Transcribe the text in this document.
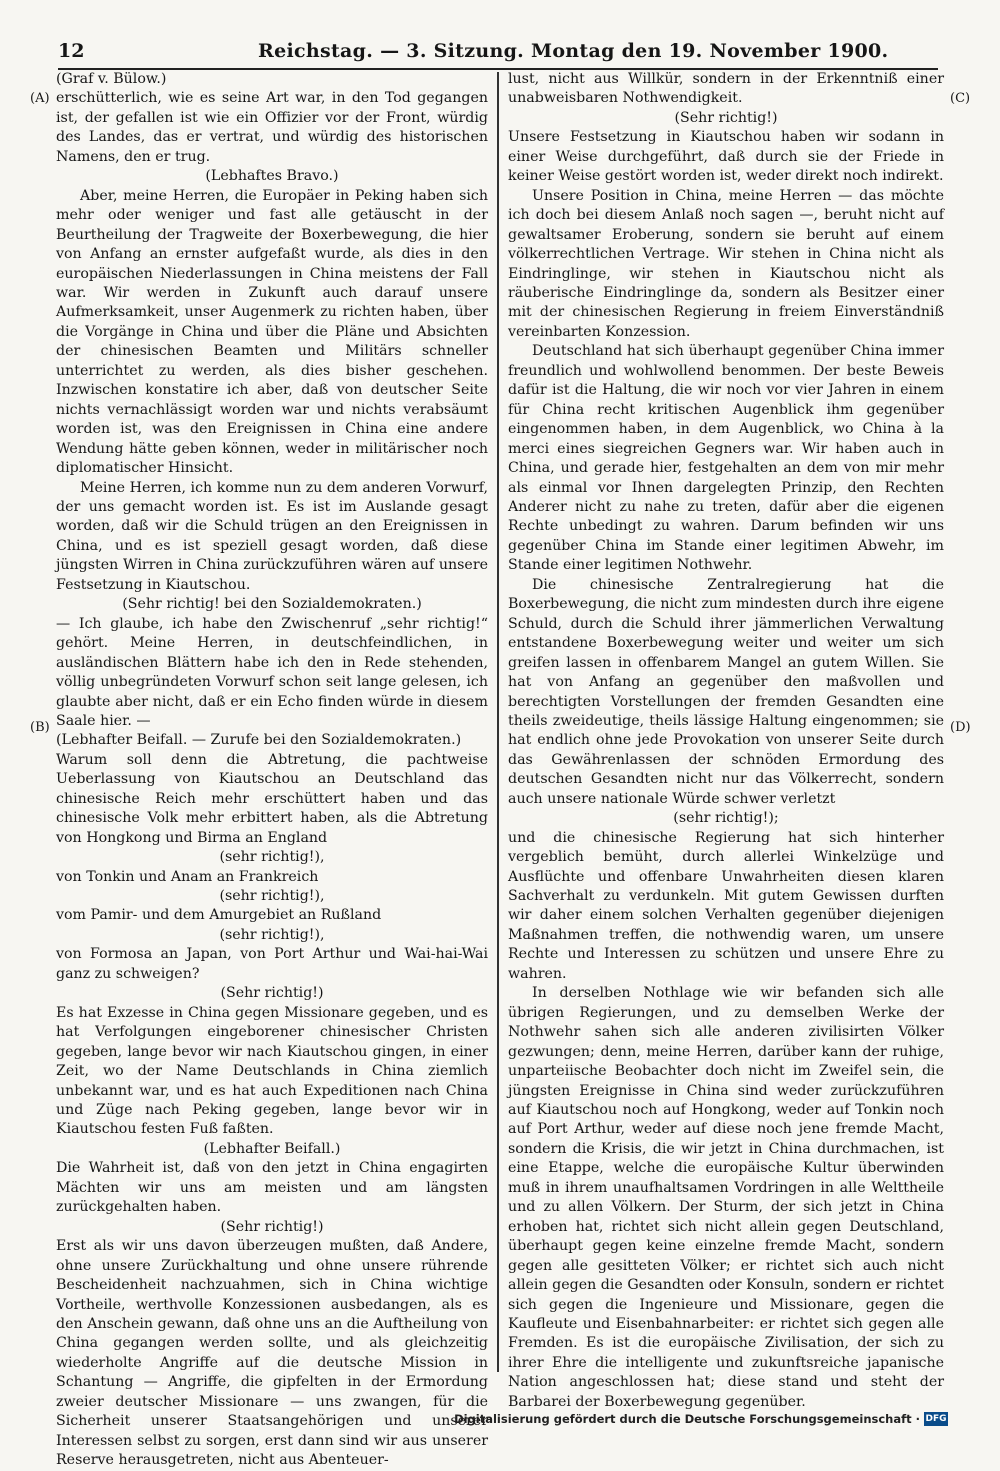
12	Reichstag. — 3. Sitzung. Montag den 19. November 1900.
(A)
(B)
(C)
(D)

(Graf v. Bülow.)

erschütterlich, wie es seine Art war, in den Tod gegangen ist, der gefallen ist wie ein Offizier vor der Front, würdig des Landes, das er vertrat, und würdig des historischen Namens, den er trug.

(Lebhaftes Bravo.)

Aber, meine Herren, die Europäer in Peking haben sich mehr oder weniger und fast alle getäuscht in der Beurtheilung der Tragweite der Boxerbewegung, die hier von Anfang an ernster aufgefaßt wurde, als dies in den europäischen Niederlassungen in China meistens der Fall war. Wir werden in Zukunft auch darauf unsere Aufmerksamkeit, unser Augenmerk zu richten haben, über die Vorgänge in China und über die Pläne und Absichten der chinesischen Beamten und Militärs schneller unterrichtet zu werden, als dies bisher geschehen. Inzwischen konstatire ich aber, daß von deutscher Seite nichts vernachlässigt worden war und nichts verabsäumt worden ist, was den Ereignissen in China eine andere Wendung hätte geben können, weder in militärischer noch diplomatischer Hinsicht.

Meine Herren, ich komme nun zu dem anderen Vorwurf, der uns gemacht worden ist. Es ist im Auslande gesagt worden, daß wir die Schuld trügen an den Ereignissen in China, und es ist speziell gesagt worden, daß diese jüngsten Wirren in China zurückzuführen wären auf unsere Festsetzung in Kiautschou.

(Sehr richtig! bei den Sozialdemokraten.)

— Ich glaube, ich habe den Zwischenruf „sehr richtig!“ gehört. Meine Herren, in deutschfeindlichen, in ausländischen Blättern habe ich den in Rede stehenden, völlig unbegründeten Vorwurf schon seit lange gelesen, ich glaubte aber nicht, daß er ein Echo finden würde in diesem Saale hier. —

(Lebhafter Beifall. — Zurufe bei den Sozialdemokraten.)

Warum soll denn die Abtretung, die pachtweise Ueberlassung von Kiautschou an Deutschland das chinesische Reich mehr erschüttert haben und das chinesische Volk mehr erbittert haben, als die Abtretung von Hongkong und Birma an England

(sehr richtig!),

von Tonkin und Anam an Frankreich

(sehr richtig!),

vom Pamir- und dem Amurgebiet an Rußland

(sehr richtig!),

von Formosa an Japan, von Port Arthur und Wai-hai-Wai ganz zu schweigen?

(Sehr richtig!)

Es hat Exzesse in China gegen Missionare gegeben, und es hat Verfolgungen eingeborener chinesischer Christen gegeben, lange bevor wir nach Kiautschou gingen, in einer Zeit, wo der Name Deutschlands in China ziemlich unbekannt war, und es hat auch Expeditionen nach China und Züge nach Peking gegeben, lange bevor wir in Kiautschou festen Fuß faßten.

(Lebhafter Beifall.)

Die Wahrheit ist, daß von den jetzt in China engagirten Mächten wir uns am meisten und am längsten zurückgehalten haben.

(Sehr richtig!)

Erst als wir uns davon überzeugen mußten, daß Andere, ohne unsere Zurückhaltung und ohne unsere rührende Bescheidenheit nachzuahmen, sich in China wichtige Vortheile, werthvolle Konzessionen ausbedangen, als es den Anschein gewann, daß ohne uns an die Auftheilung von China gegangen werden sollte, und als gleichzeitig wiederholte Angriffe auf die deutsche Mission in Schantung — Angriffe, die gipfelten in der Ermordung zweier deutscher Missionare — uns zwangen, für die Sicherheit unserer Staatsangehörigen und unserer Interessen selbst zu sorgen, erst dann sind wir aus unserer Reserve herausgetreten, nicht aus Abenteuer-

lust, nicht aus Willkür, sondern in der Erkenntniß einer unabweisbaren Nothwendigkeit.

(Sehr richtig!)

Unsere Festsetzung in Kiautschou haben wir sodann in einer Weise durchgeführt, daß durch sie der Friede in keiner Weise gestört worden ist, weder direkt noch indirekt.

Unsere Position in China, meine Herren — das möchte ich doch bei diesem Anlaß noch sagen —, beruht nicht auf gewaltsamer Eroberung, sondern sie beruht auf einem völkerrechtlichen Vertrage. Wir stehen in China nicht als Eindringlinge, wir stehen in Kiautschou nicht als räuberische Eindringlinge da, sondern als Besitzer einer mit der chinesischen Regierung in freiem Einverständniß vereinbarten Konzession.

Deutschland hat sich überhaupt gegenüber China immer freundlich und wohlwollend benommen. Der beste Beweis dafür ist die Haltung, die wir noch vor vier Jahren in einem für China recht kritischen Augenblick ihm gegenüber eingenommen haben, in dem Augenblick, wo China à la merci eines siegreichen Gegners war. Wir haben auch in China, und gerade hier, festgehalten an dem von mir mehr als einmal vor Ihnen dargelegten Prinzip, den Rechten Anderer nicht zu nahe zu treten, dafür aber die eigenen Rechte unbedingt zu wahren. Darum befinden wir uns gegenüber China im Stande einer legitimen Abwehr, im Stande einer legitimen Nothwehr.

Die chinesische Zentralregierung hat die Boxerbewegung, die nicht zum mindesten durch ihre eigene Schuld, durch die Schuld ihrer jämmerlichen Verwaltung entstandene Boxerbewegung weiter und weiter um sich greifen lassen in offenbarem Mangel an gutem Willen. Sie hat von Anfang an gegenüber den maßvollen und berechtigten Vorstellungen der fremden Gesandten eine theils zweideutige, theils lässige Haltung eingenommen; sie hat endlich ohne jede Provokation von unserer Seite durch das Gewährenlassen der schnöden Ermordung des deutschen Gesandten nicht nur das Völkerrecht, sondern auch unsere nationale Würde schwer verletzt

(sehr richtig!);

und die chinesische Regierung hat sich hinterher vergeblich bemüht, durch allerlei Winkelzüge und Ausflüchte und offenbare Unwahrheiten diesen klaren Sachverhalt zu verdunkeln. Mit gutem Gewissen durften wir daher einem solchen Verhalten gegenüber diejenigen Maßnahmen treffen, die nothwendig waren, um unsere Rechte und Interessen zu schützen und unsere Ehre zu wahren.

In derselben Nothlage wie wir befanden sich alle übrigen Regierungen, und zu demselben Werke der Nothwehr sahen sich alle anderen zivilisirten Völker gezwungen; denn, meine Herren, darüber kann der ruhige, unparteiische Beobachter doch nicht im Zweifel sein, die jüngsten Ereignisse in China sind weder zurückzuführen auf Kiautschou noch auf Hongkong, weder auf Tonkin noch auf Port Arthur, weder auf diese noch jene fremde Macht, sondern die Krisis, die wir jetzt in China durchmachen, ist eine Etappe, welche die europäische Kultur überwinden muß in ihrem unaufhaltsamen Vordringen in alle Welttheile und zu allen Völkern. Der Sturm, der sich jetzt in China erhoben hat, richtet sich nicht allein gegen Deutschland, überhaupt gegen keine einzelne fremde Macht, sondern gegen alle gesitteten Völker; er richtet sich auch nicht allein gegen die Gesandten oder Konsuln, sondern er richtet sich gegen die Ingenieure und Missionare, gegen die Kaufleute und Eisenbahnarbeiter: er richtet sich gegen alle Fremden. Es ist die europäische Zivilisation, der sich zu ihrer Ehre die intelligente und zukunftsreiche japanische Nation angeschlossen hat; diese stand und steht der Barbarei der Boxerbewegung gegenüber.

Digitalisierung gefördert durch die Deutsche Forschungsgemeinschaft · DFG
